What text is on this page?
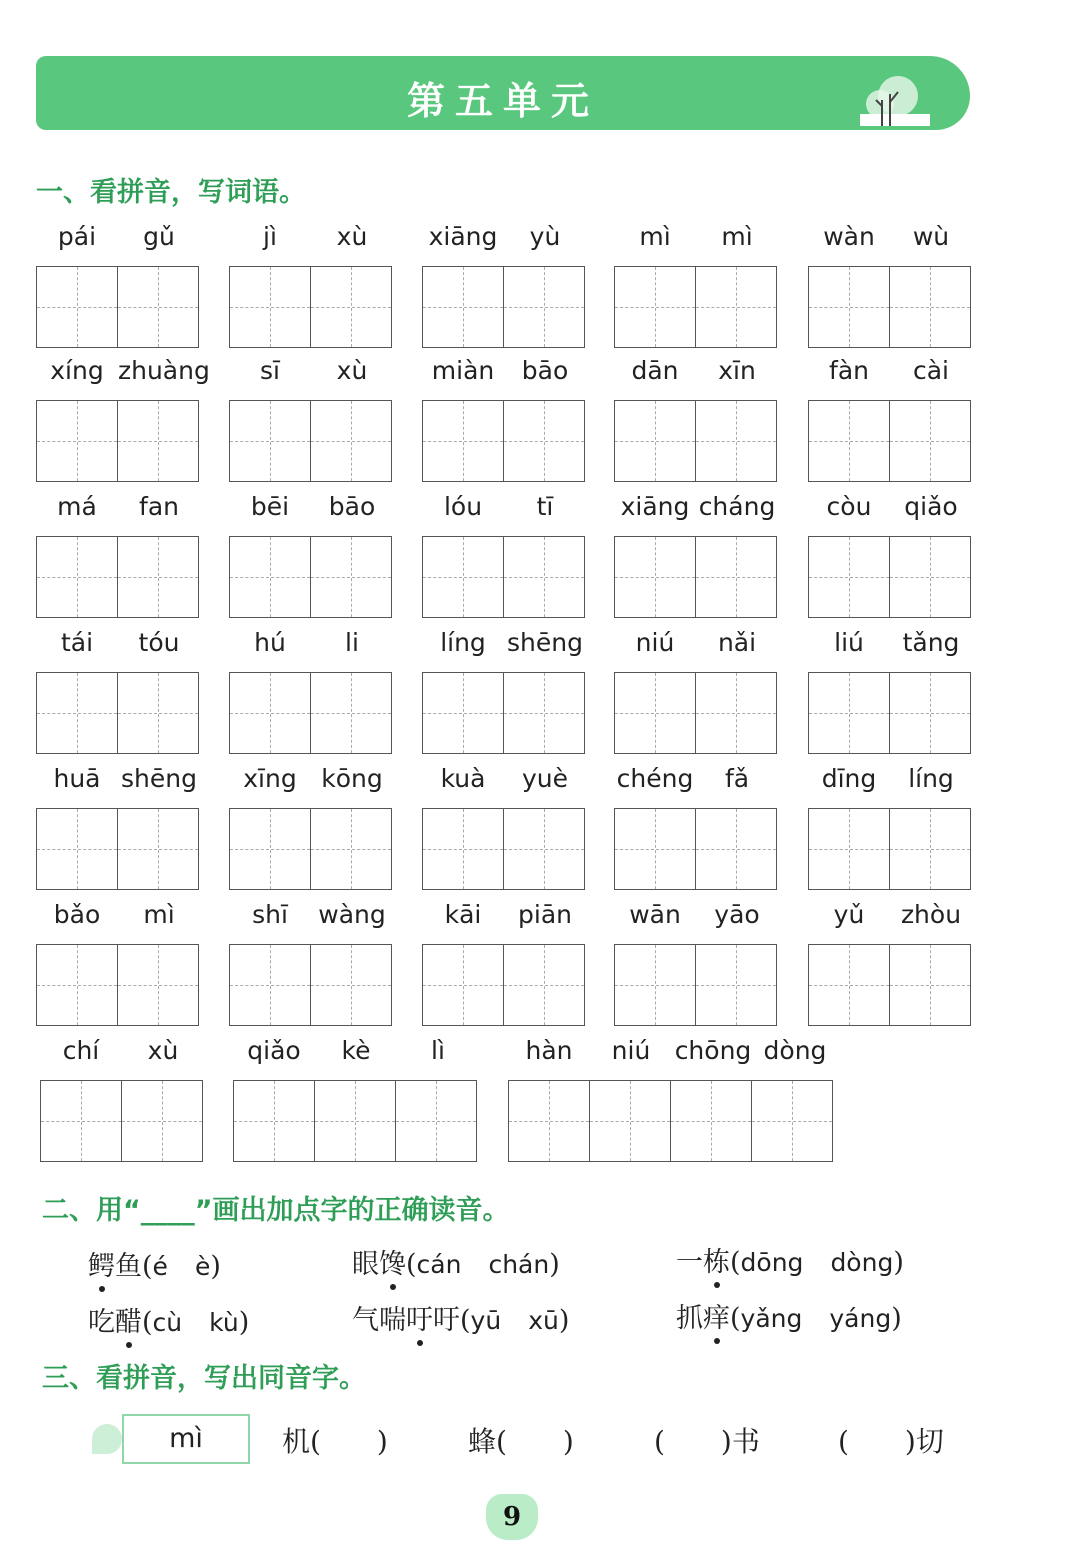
第五单元
一、看拼音，写词语。
pái	gǔ	jì	xù	xiāng	yù	mì	mì	wàn	wù
xíng zhuàng	sī	xù	miàn	bāo	dān	xīn	fàn	cài
má	fan	bēi	bāo	lóu	tī	xiāng cháng	còu	qiǎo
tái	tóu	hú	li	líng shēng	niú	nǎi	liú	tǎng
huā shēng	xīng kōng	kuà	yuè	chéng	fǎ	dīng	líng
bǎo	mì	shī	wàng	kāi	piān	wān	yāo	yǔ	zhòu
chí	xù	qiǎo	kè	lì	hàn	niú chōng dòng
二、用“____”画出加点字的正确读音。
鳄鱼(é  è)	眼馋(cán  chán)	一栋(dōng  dòng)
吃醋(cù  kù)	气喘吁吁(yū  xū)	抓痒(yǎng  yáng)
三、看拼音，写出同音字。
mì	机(　　)	蜂(　　)	(　　)书	(　　)切
9
